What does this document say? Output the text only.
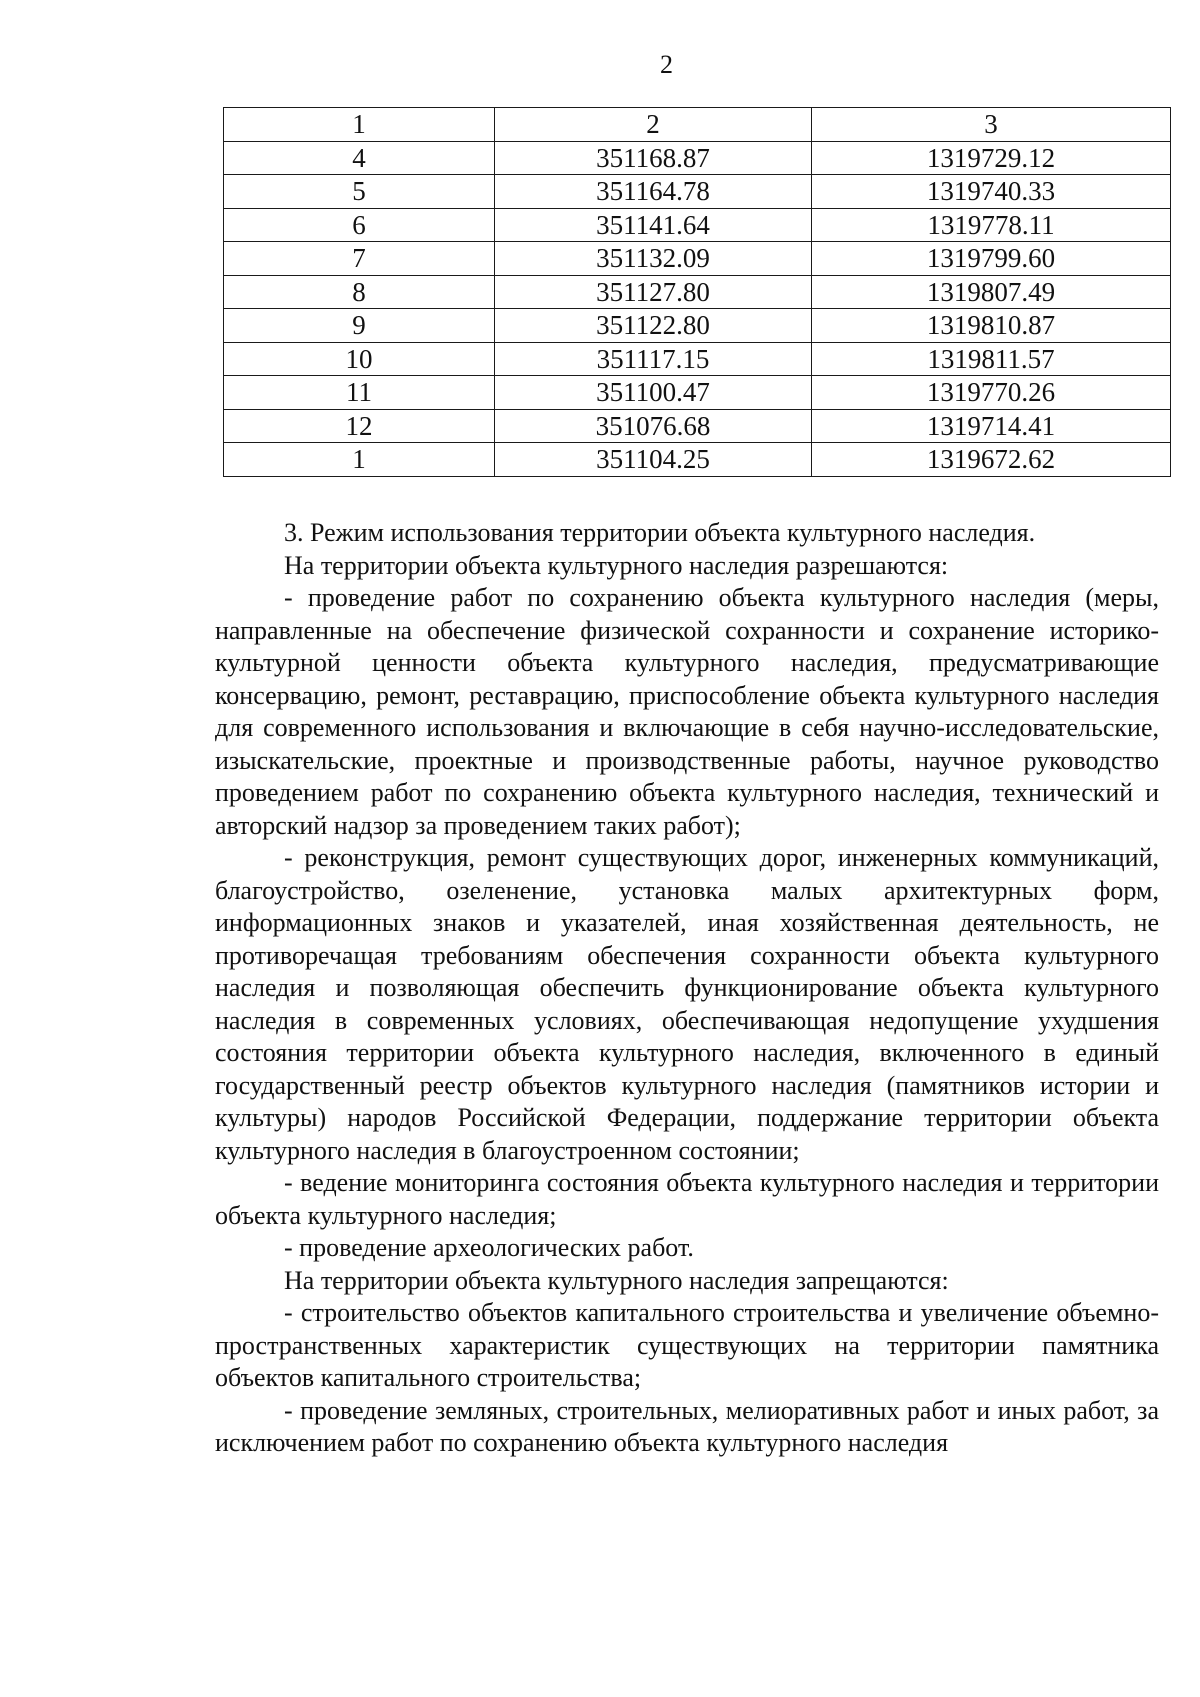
2
1	2	3
4	351168.87	1319729.12
5	351164.78	1319740.33
6	351141.64	1319778.11
7	351132.09	1319799.60
8	351127.80	1319807.49
9	351122.80	1319810.87
10	351117.15	1319811.57
11	351100.47	1319770.26
12	351076.68	1319714.41
1	351104.25	1319672.62

3. Режим использования территории объекта культурного наследия.

На территории объекта культурного наследия разрешаются:

- проведение работ по сохранению объекта культурного наследия (меры, направленные на обеспечение физической сохранности и сохранение историко-культурной ценности объекта культурного наследия, предусматривающие консервацию, ремонт, реставрацию, приспособление объекта культурного наследия для современного использования и включающие в себя научно-исследовательские, изыскательские, проектные и производственные работы, научное руководство проведением работ по сохранению объекта культурного наследия, технический и авторский надзор за проведением таких работ);

- реконструкция, ремонт существующих дорог, инженерных коммуникаций, благоустройство, озеленение, установка малых архитектурных форм, информационных знаков и указателей, иная хозяйственная деятельность, не противоречащая требованиям обеспечения сохранности объекта культурного наследия и позволяющая обеспечить функционирование объекта культурного наследия в современных условиях, обеспечивающая недопущение ухудшения состояния территории объекта культурного наследия, включенного в единый государственный реестр объектов культурного наследия (памятников истории и культуры) народов Российской Федерации, поддержание территории объекта культурного наследия в благоустроенном состоянии;

- ведение мониторинга состояния объекта культурного наследия и территории объекта культурного наследия;

- проведение археологических работ.

На территории объекта культурного наследия запрещаются:

- строительство объектов капитального строительства и увеличение объемно-пространственных характеристик существующих на территории памятника объектов капитального строительства;

- проведение земляных, строительных, мелиоративных работ и иных работ, за исключением работ по сохранению объекта культурного наследия
